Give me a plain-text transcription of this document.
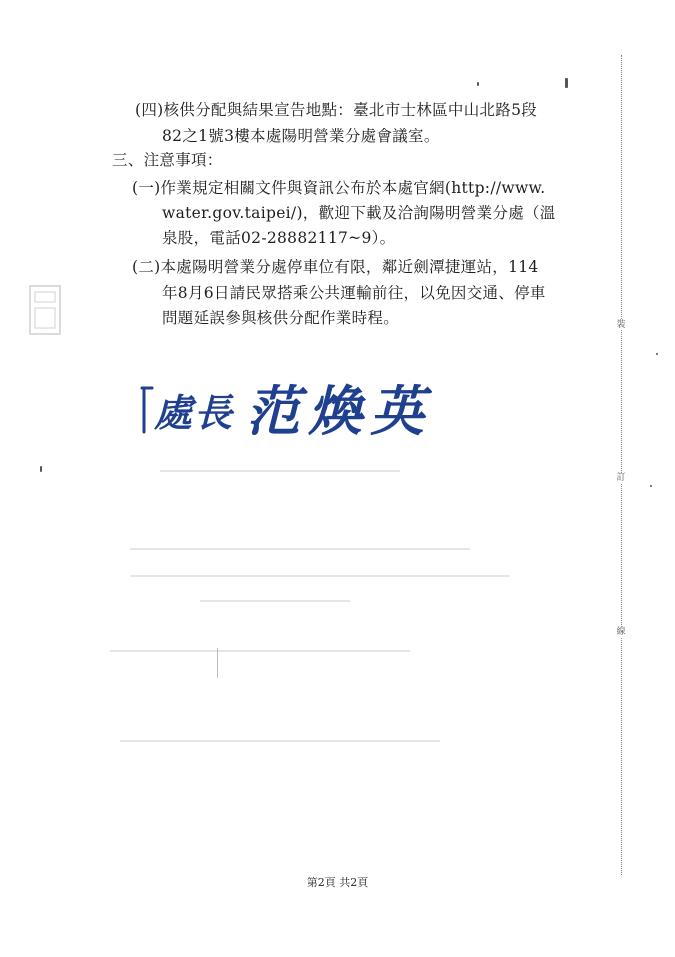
(四)核供分配與結果宣告地點：臺北市士林區中山北路5段
82之1號3樓本處陽明營業分處會議室。
三、注意事項：
(一)作業規定相關文件與資訊公布於本處官網(http://www.
water.gov.taipei/)，歡迎下載及洽詢陽明營業分處（溫
泉股，電話02-28882117~9）。
(二)本處陽明營業分處停車位有限，鄰近劍潭捷運站，114
年8月6日請民眾搭乘公共運輸前往，以免因交通、停車
問題延誤參與核供分配作業時程。
處長 范煥英
裝
訂
線
第2頁 共2頁
